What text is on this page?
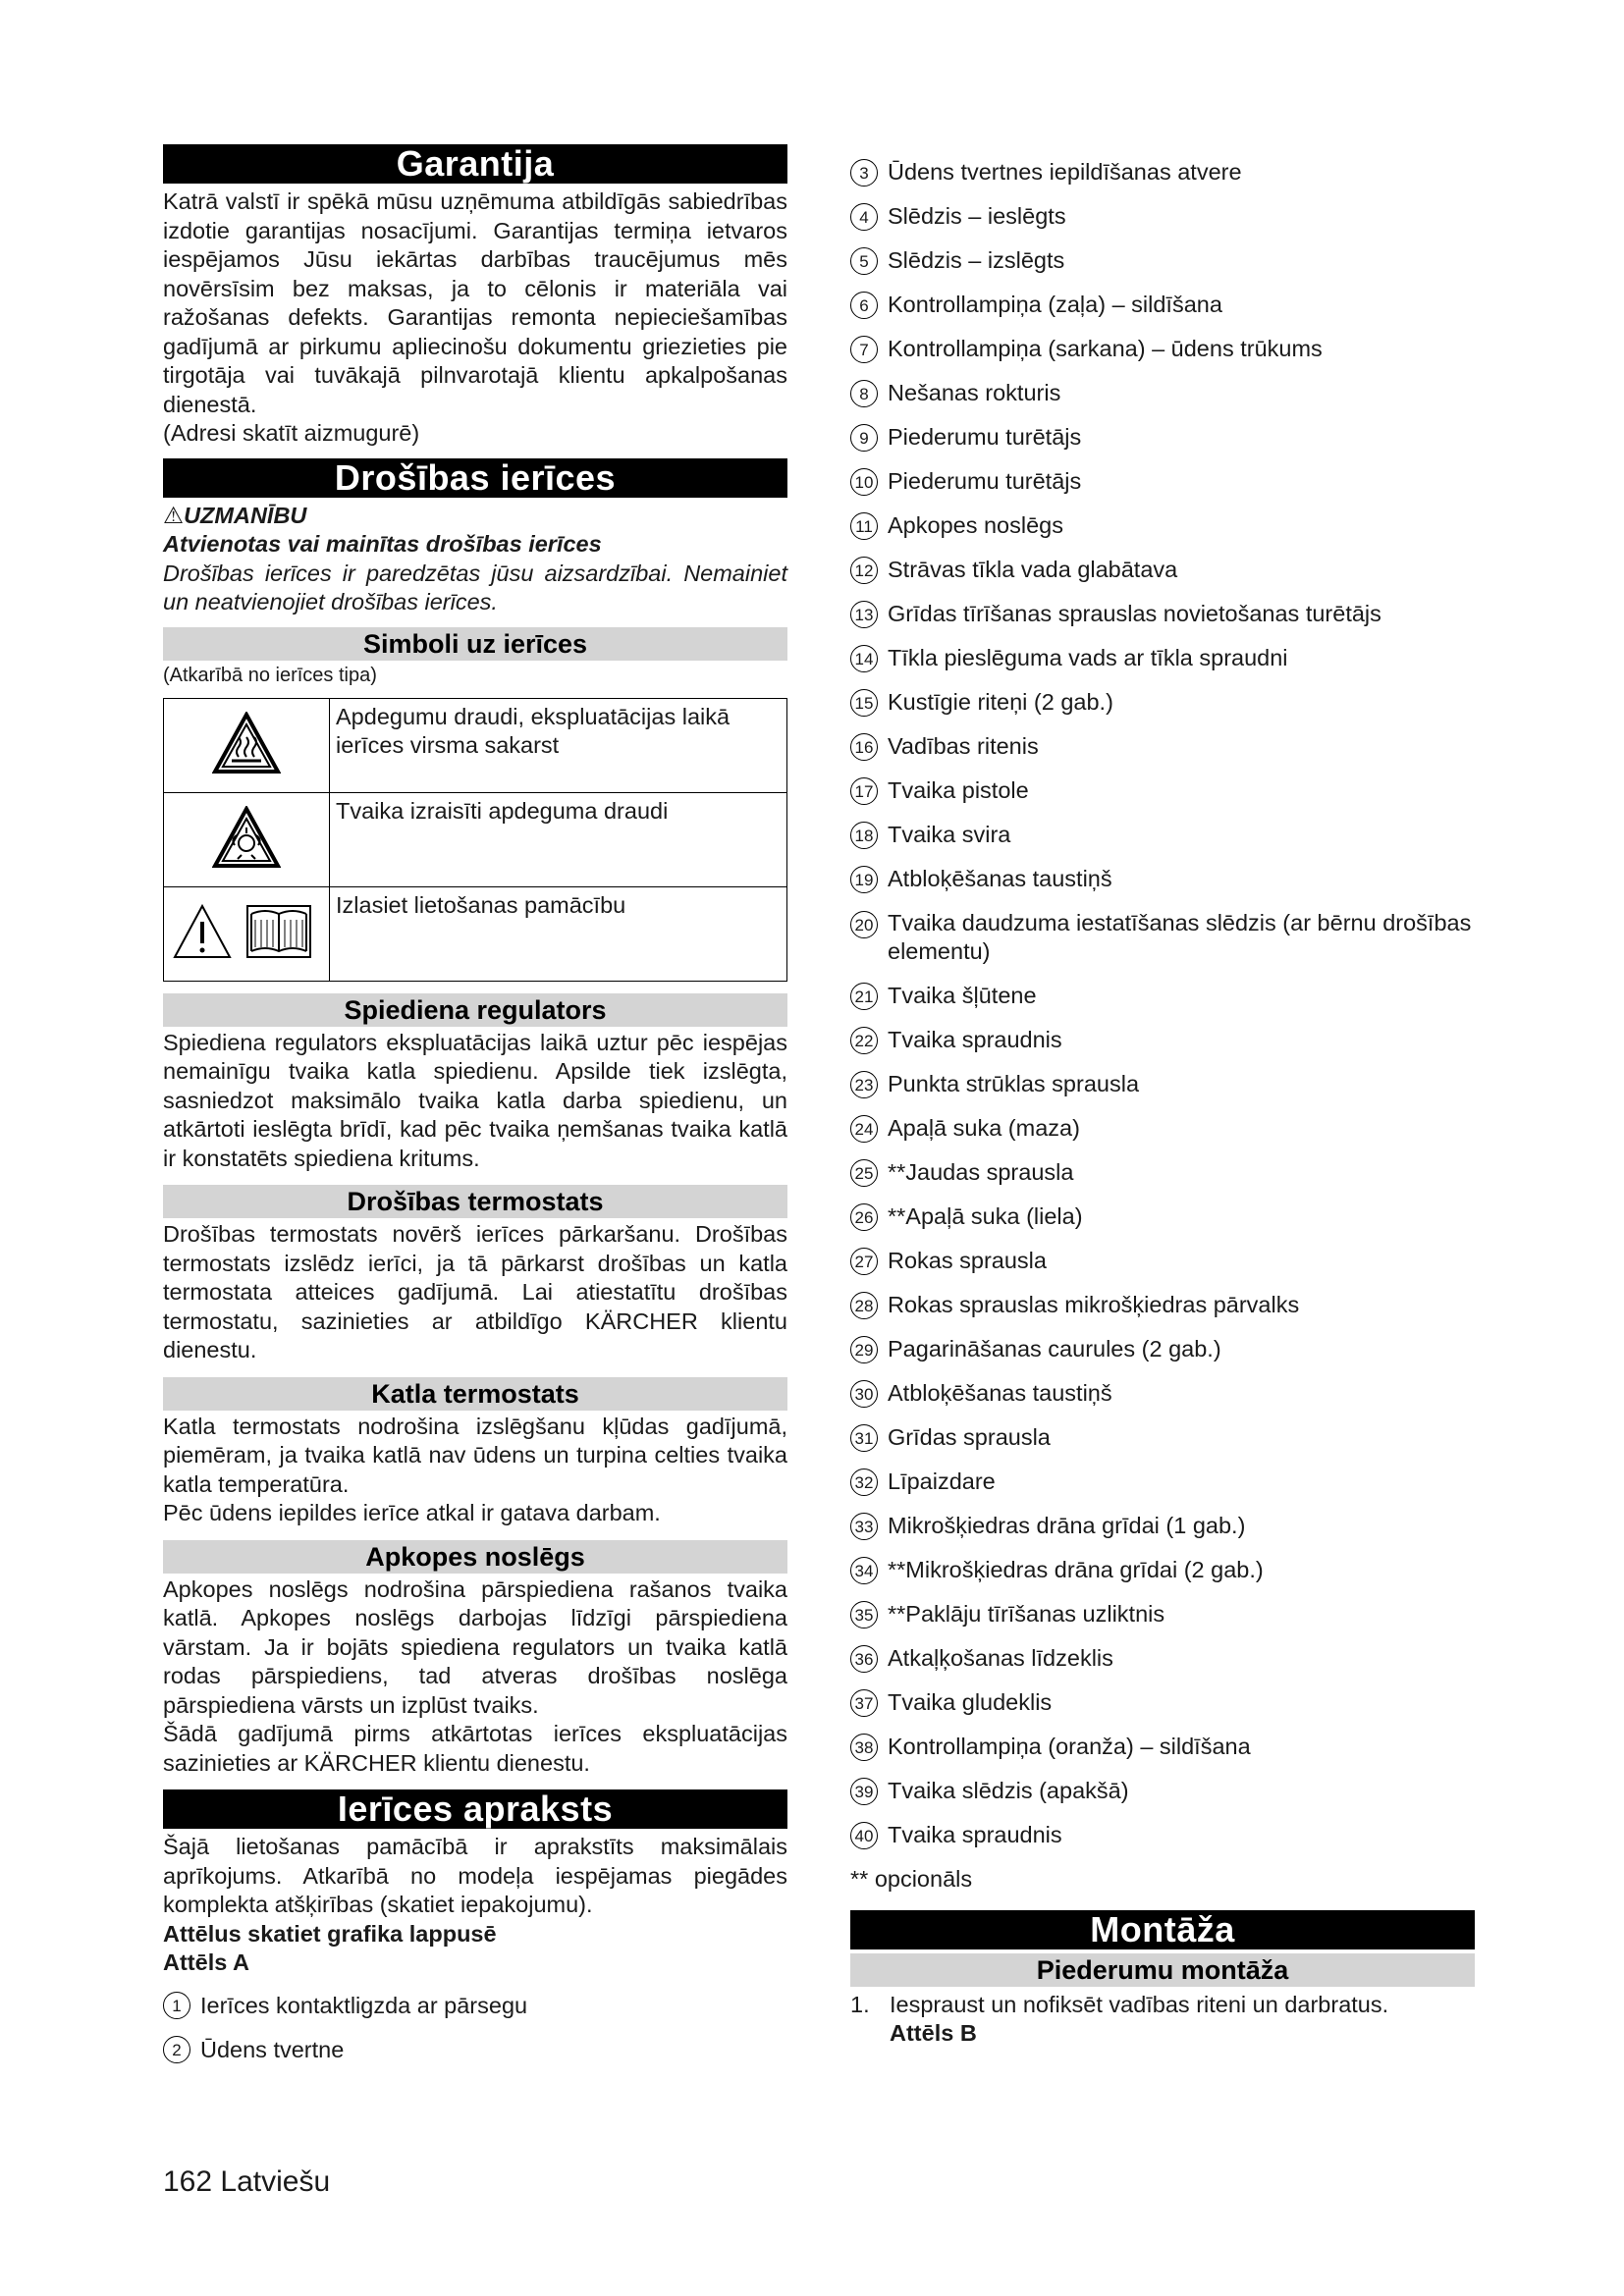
Garantija

Katrā valstī ir spēkā mūsu uzņēmuma atbildīgās sabiedrības izdotie garantijas nosacījumi. Garantijas termiņa ietvaros iespējamos Jūsu iekārtas darbības traucējumus mēs novērsīsim bez maksas, ja to cēlonis ir materiāla vai ražošanas defekts. Garantijas remonta nepieciešamības gadījumā ar pirkumu apliecinošu dokumentu griezieties pie tirgotāja vai tuvākajā pilnvarotajā klientu apkalpošanas dienestā.

(Adresi skatīt aizmugurē)

Drošības ierīces

⚠UZMANĪBU

Atvienotas vai mainītas drošības ierīces

Drošības ierīces ir paredzētas jūsu aizsardzībai. Nemainiet un neatvienojiet drošības ierīces.

Simboli uz ierīces

(Atkarībā no ierīces tipa)

	Apdegumu draudi, ekspluatācijas laikā ierīces virsma sakarst
	Tvaika izraisīti apdeguma draudi
	Izlasiet lietošanas pamācību
Spiediena regulators

Spiediena regulators ekspluatācijas laikā uztur pēc iespējas nemainīgu tvaika katla spiedienu. Apsilde tiek izslēgta, sasniedzot maksimālo tvaika katla darba spiedienu, un atkārtoti ieslēgta brīdī, kad pēc tvaika ņemšanas tvaika katlā ir konstatēts spiediena kritums.

Drošības termostats

Drošības termostats novērš ierīces pārkaršanu. Drošības termostats izslēdz ierīci, ja tā pārkarst drošības un katla termostata atteices gadījumā. Lai atiestatītu drošības termostatu, sazinieties ar atbildīgo KÄRCHER klientu dienestu.

Katla termostats

Katla termostats nodrošina izslēgšanu kļūdas gadījumā, piemēram, ja tvaika katlā nav ūdens un turpina celties tvaika katla temperatūra.

Pēc ūdens iepildes ierīce atkal ir gatava darbam.

Apkopes noslēgs

Apkopes noslēgs nodrošina pārspiediena rašanos tvaika katlā. Apkopes noslēgs darbojas līdzīgi pārspiediena vārstam. Ja ir bojāts spiediena regulators un tvaika katlā rodas pārspiediens, tad atveras drošības noslēga pārspiediena vārsts un izplūst tvaiks.

Šādā gadījumā pirms atkārtotas ierīces ekspluatācijas sazinieties ar KÄRCHER klientu dienestu.

Ierīces apraksts

Šajā lietošanas pamācībā ir aprakstīts maksimālais aprīkojums. Atkarībā no modeļa iespējamas piegādes komplekta atšķirības (skatiet iepakojumu).

Attēlus skatiet grafika lappusē

Attēls A

1 Ierīces kontaktligzda ar pārsegu
2 Ūdens tvertne
3 Ūdens tvertnes iepildīšanas atvere
4 Slēdzis – ieslēgts
5 Slēdzis – izslēgts
6 Kontrollampiņa (zaļa) – sildīšana
7 Kontrollampiņa (sarkana) – ūdens trūkums
8 Nešanas rokturis
9 Piederumu turētājs
10 Piederumu turētājs
11 Apkopes noslēgs
12 Strāvas tīkla vada glabātava
13 Grīdas tīrīšanas sprauslas novietošanas turētājs
14 Tīkla pieslēguma vads ar tīkla spraudni
15 Kustīgie riteņi (2 gab.)
16 Vadības ritenis
17 Tvaika pistole
18 Tvaika svira
19 Atbloķēšanas taustiņš
20 Tvaika daudzuma iestatīšanas slēdzis (ar bērnu drošības elementu)
21 Tvaika šļūtene
22 Tvaika spraudnis
23 Punkta strūklas sprausla
24 Apaļā suka (maza)
25 **Jaudas sprausla
26 **Apaļā suka (liela)
27 Rokas sprausla
28 Rokas sprauslas mikrošķiedras pārvalks
29 Pagarināšanas caurules (2 gab.)
30 Atbloķēšanas taustiņš
31 Grīdas sprausla
32 Līpaizdare
33 Mikrošķiedras drāna grīdai (1 gab.)
34 **Mikrošķiedras drāna grīdai (2 gab.)
35 **Paklāju tīrīšanas uzliktnis
36 Atkaļķošanas līdzeklis
37 Tvaika gludeklis
38 Kontrollampiņa (oranža) – sildīšana
39 Tvaika slēdzis (apakšā)
40 Tvaika spraudnis

** opcionāls

Montāža
Piederumu montāža
1. Iespraust un nofiksēt vadības riteni un darbratus.
Attēls B
162 Latviešu
